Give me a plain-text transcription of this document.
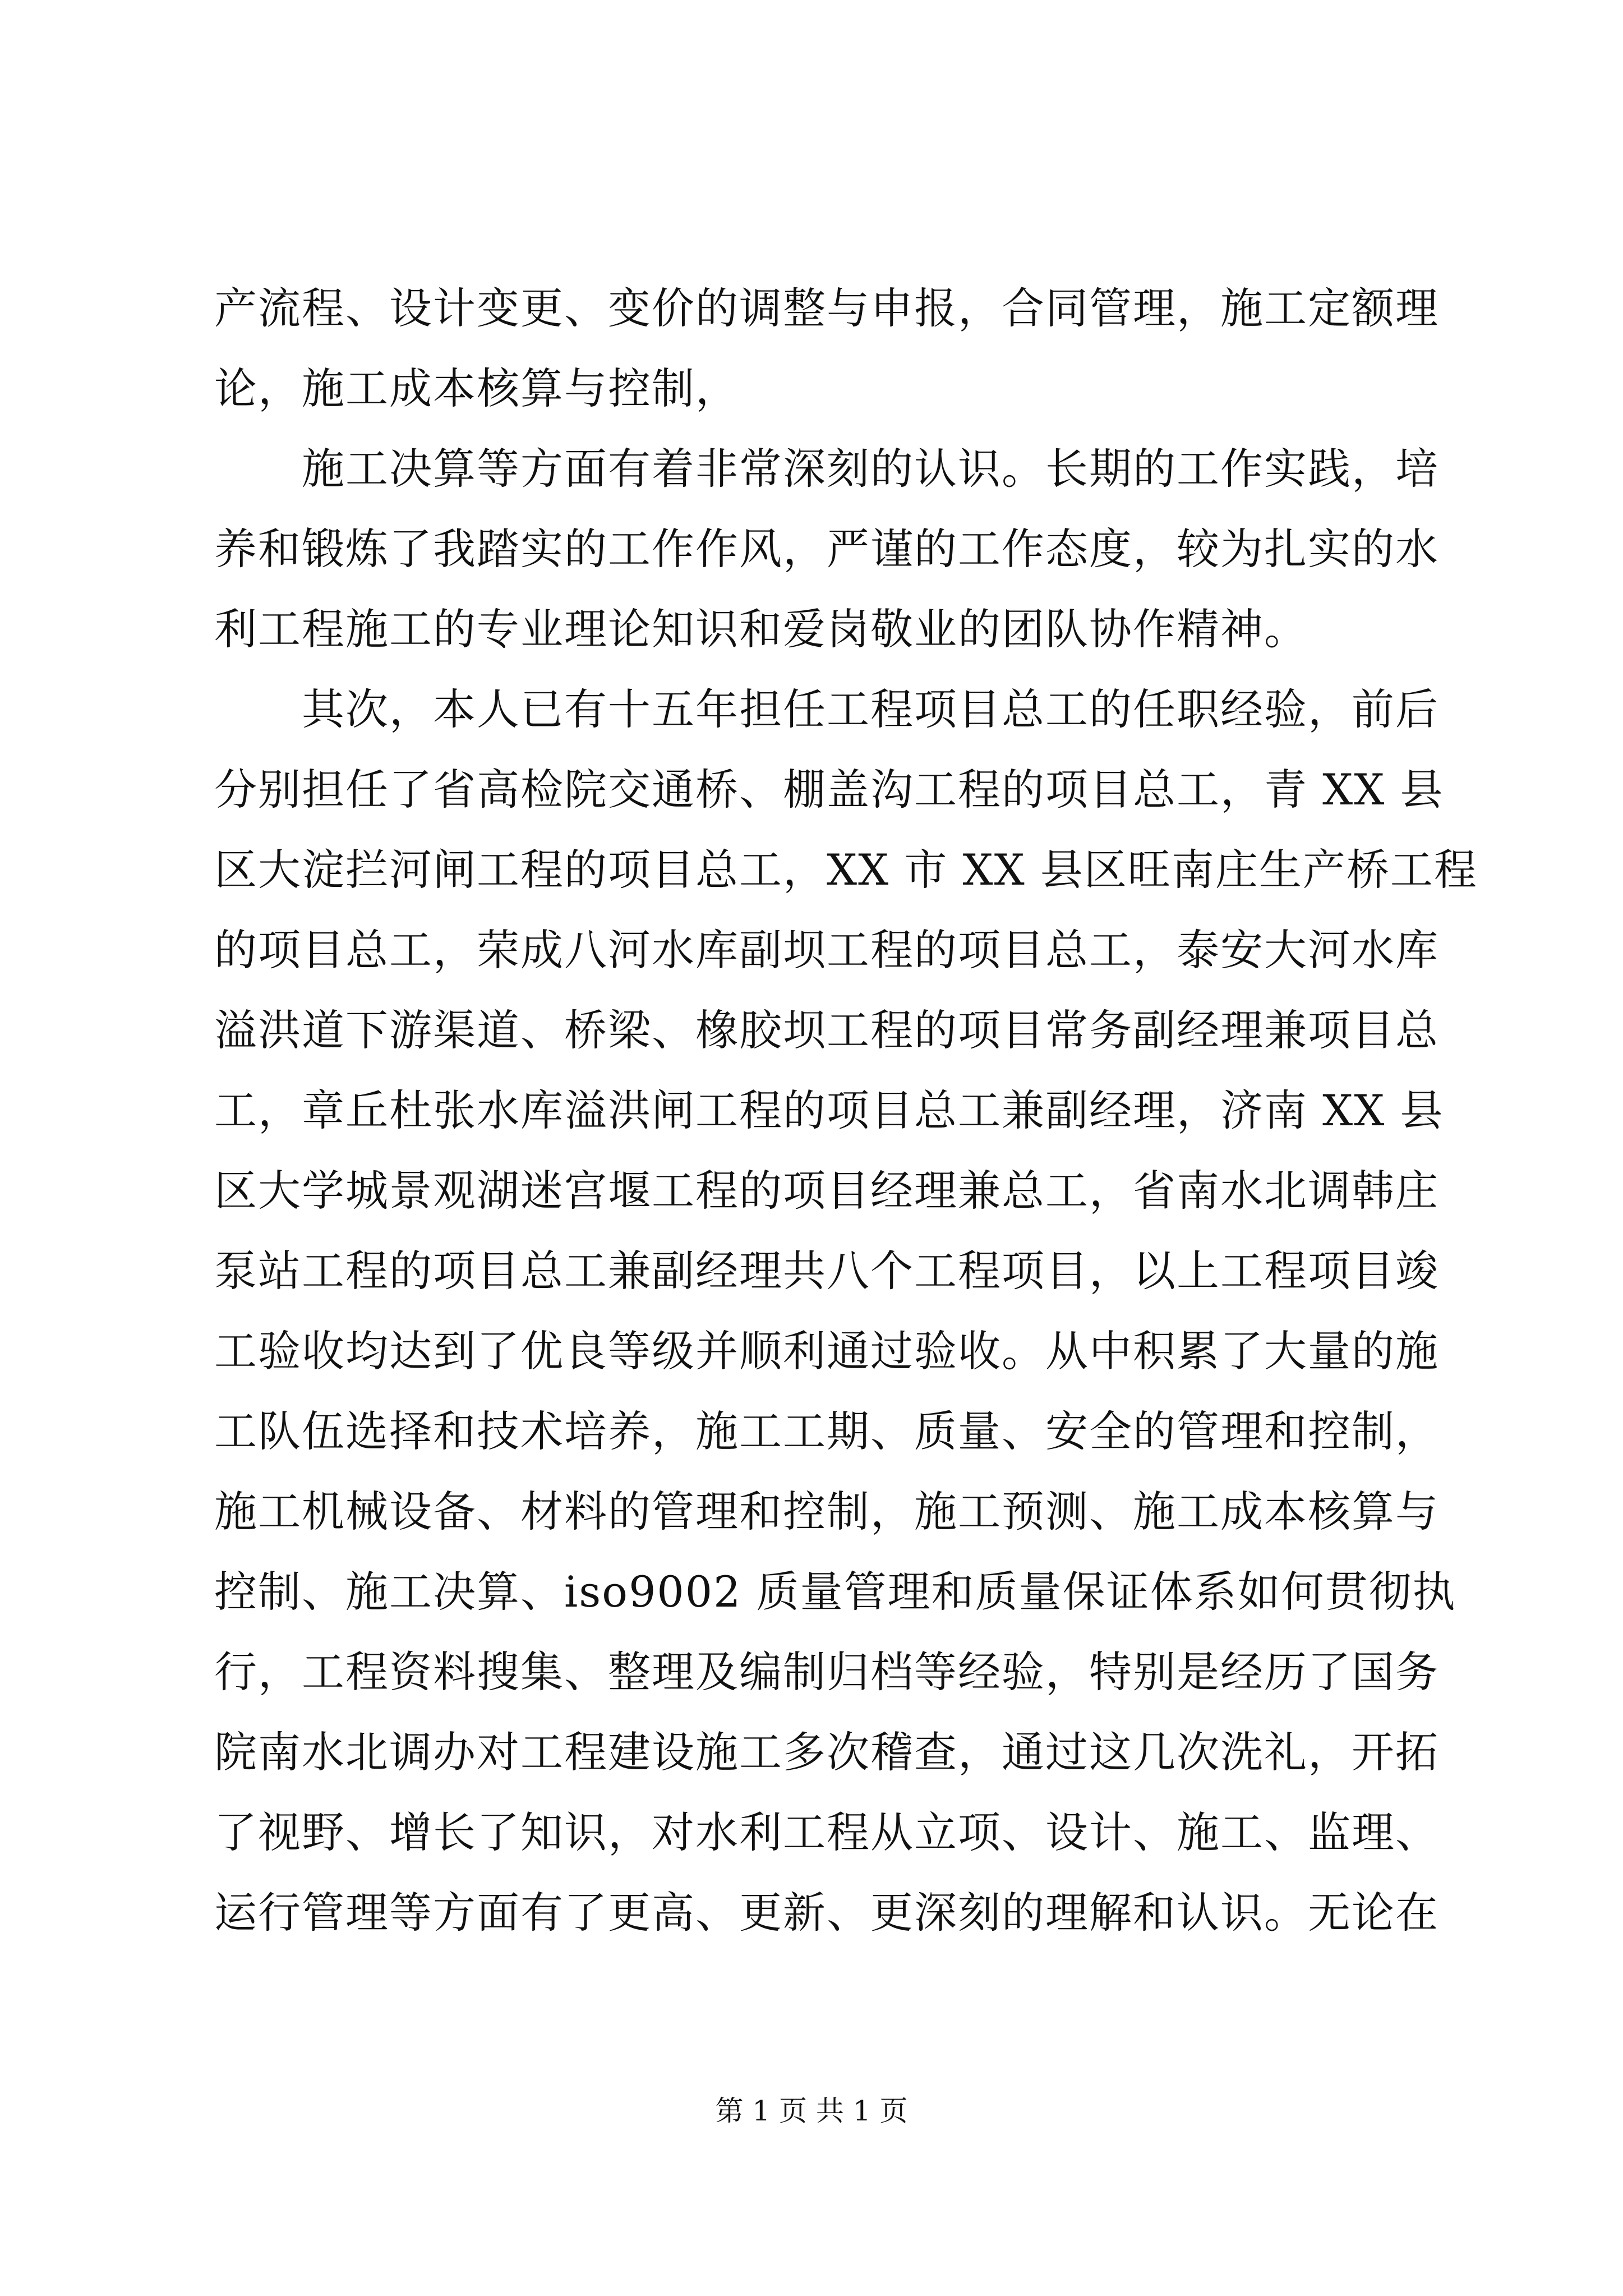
产流程、设计变更、变价的调整与申报，合同管理，施工定额理
论，施工成本核算与控制，
　　施工决算等方面有着非常深刻的认识。长期的工作实践，培
养和锻炼了我踏实的工作作风，严谨的工作态度，较为扎实的水
利工程施工的专业理论知识和爱岗敬业的团队协作精神。
　　其次，本人已有十五年担任工程项目总工的任职经验，前后
分别担任了省高检院交通桥、棚盖沟工程的项目总工，青 XX 县
区大淀拦河闸工程的项目总工，XX 市 XX 县区旺南庄生产桥工程
的项目总工，荣成八河水库副坝工程的项目总工，泰安大河水库
溢洪道下游渠道、桥梁、橡胶坝工程的项目常务副经理兼项目总
工，章丘杜张水库溢洪闸工程的项目总工兼副经理，济南 XX 县
区大学城景观湖迷宫堰工程的项目经理兼总工，省南水北调韩庄
泵站工程的项目总工兼副经理共八个工程项目，以上工程项目竣
工验收均达到了优良等级并顺利通过验收。从中积累了大量的施
工队伍选择和技术培养，施工工期、质量、安全的管理和控制，
施工机械设备、材料的管理和控制，施工预测、施工成本核算与
控制、施工决算、iso9002 质量管理和质量保证体系如何贯彻执
行，工程资料搜集、整理及编制归档等经验，特别是经历了国务
院南水北调办对工程建设施工多次稽查，通过这几次洗礼，开拓
了视野、增长了知识，对水利工程从立项、设计、施工、监理、
运行管理等方面有了更高、更新、更深刻的理解和认识。无论在
第 1 页 共 1 页
